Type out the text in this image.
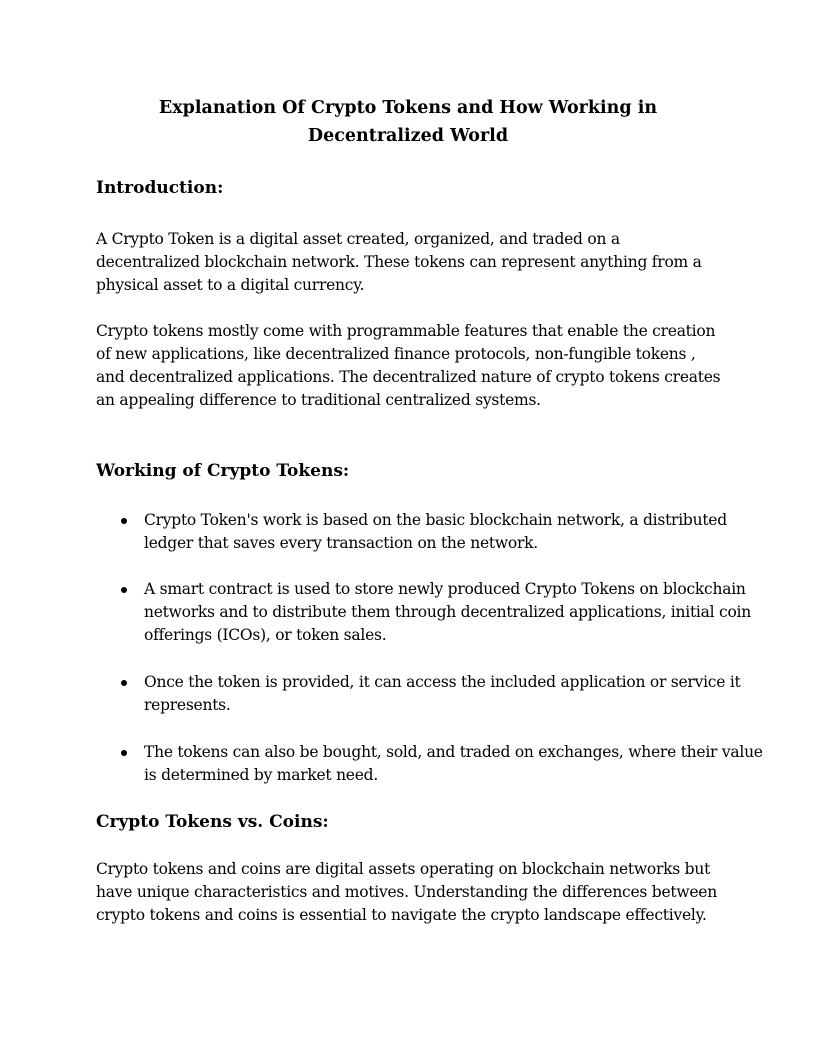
Explanation Of Crypto Tokens and How Working in Decentralized World
Introduction:

A Crypto Token is a digital asset created, organized, and traded on a decentralized blockchain network. These tokens can represent anything from a physical asset to a digital currency.

Crypto tokens mostly come with programmable features that enable the creation of new applications, like decentralized finance protocols, non-fungible tokens , and decentralized applications. The decentralized nature of crypto tokens creates an appealing difference to traditional centralized systems.

Working of Crypto Tokens:
Crypto Token's work is based on the basic blockchain network, a distributed ledger that saves every transaction on the network.
A smart contract is used to store newly produced Crypto Tokens on blockchain networks and to distribute them through decentralized applications, initial coin offerings (ICOs), or token sales.
Once the token is provided, it can access the included application or service it represents.
The tokens can also be bought, sold, and traded on exchanges, where their value is determined by market need.
Crypto Tokens vs. Coins:

Crypto tokens and coins are digital assets operating on blockchain networks but have unique characteristics and motives. Understanding the differences between crypto tokens and coins is essential to navigate the crypto landscape effectively.
